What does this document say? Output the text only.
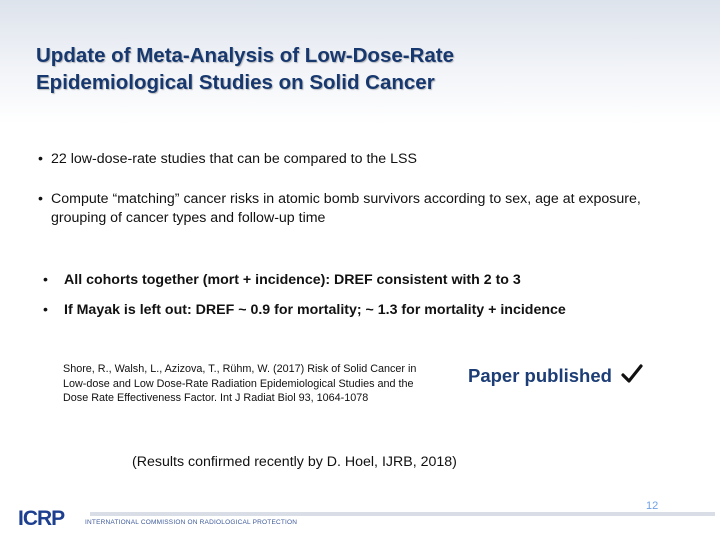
Update of Meta-Analysis of Low-Dose-Rate
Epidemiological Studies on Solid Cancer
• 22 low-dose-rate studies that can be compared to the LSS
• Compute “matching” cancer risks in atomic bomb survivors according to sex, age at exposure, grouping of cancer types and follow-up time
•	All cohorts together (mort + incidence): DREF consistent with 2 to 3
•	If Mayak is left out: DREF ~ 0.9 for mortality; ~ 1.3 for mortality + incidence
Shore, R., Walsh, L., Azizova, T., Rühm, W. (2017) Risk of Solid Cancer in Low-dose and Low Dose-Rate Radiation Epidemiological Studies and the Dose Rate Effectiveness Factor. Int J Radiat Biol 93, 1064-1078
Paper published
(Results confirmed recently by D. Hoel, IJRB, 2018)
ICRP	INTERNATIONAL COMMISSION ON RADIOLOGICAL PROTECTION
12
